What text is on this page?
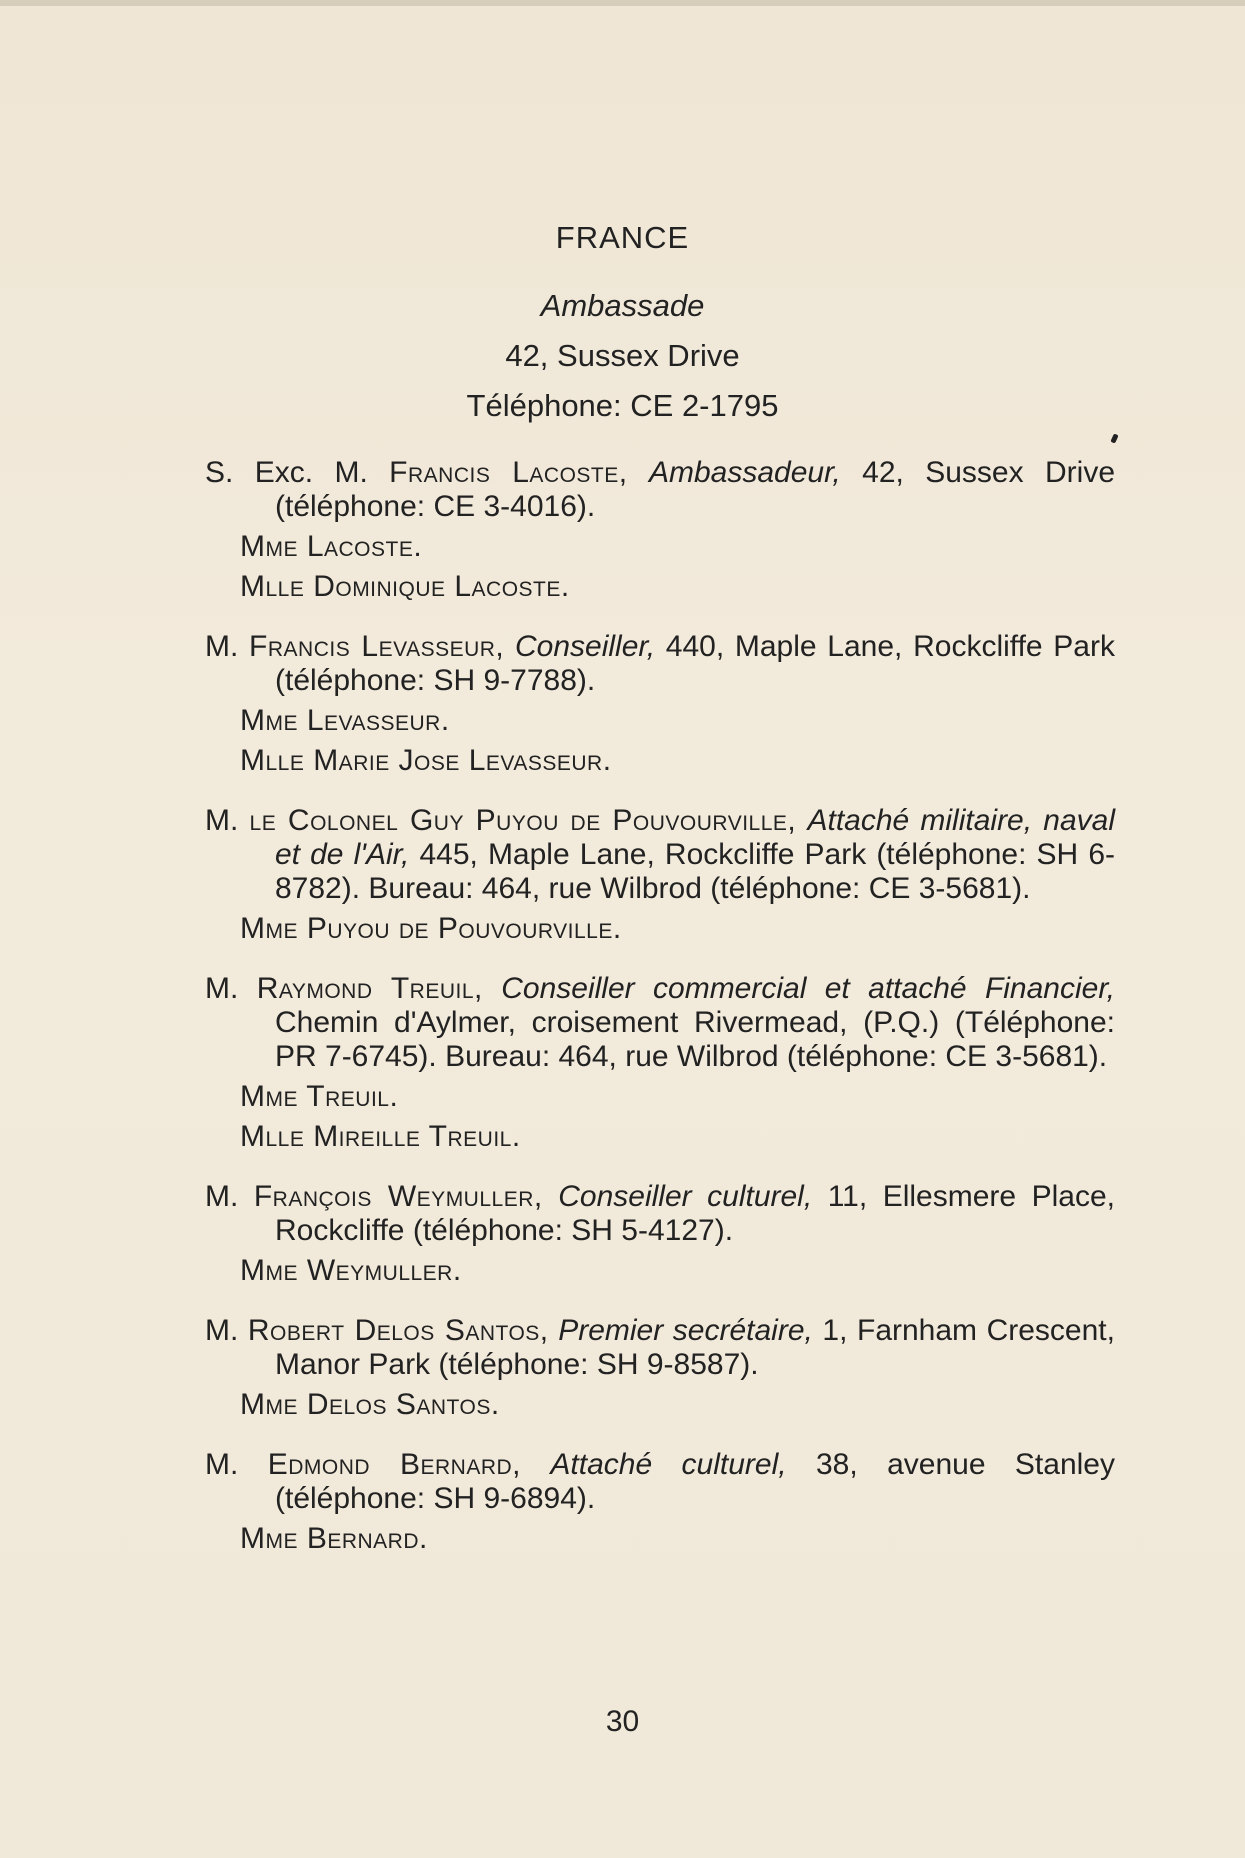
FRANCE
Ambassade
42, Sussex Drive
Téléphone: CE 2-1795

S. Exc. M. Francis Lacoste, Ambassadeur, 42, Sussex Drive (téléphone: CE 3-4016).

Mme Lacoste.

Mlle Dominique Lacoste.

M. Francis Levasseur, Conseiller, 440, Maple Lane, Rockcliffe Park (téléphone: SH 9-7788).

Mme Levasseur.

Mlle Marie Jose Levasseur.

M. le Colonel Guy Puyou de Pouvourville, Attaché militaire, naval et de l'Air, 445, Maple Lane, Rockcliffe Park (téléphone: SH 6-8782). Bureau: 464, rue Wilbrod (téléphone: CE 3-5681).

Mme Puyou de Pouvourville.

M. Raymond Treuil, Conseiller commercial et attaché Financier, Chemin d'Aylmer, croisement Rivermead, (P.Q.) (Téléphone: PR 7-6745). Bureau: 464, rue Wilbrod (téléphone: CE 3-5681).

Mme Treuil.

Mlle Mireille Treuil.

M. François Weymuller, Conseiller culturel, 11, Ellesmere Place, Rockcliffe (téléphone: SH 5-4127).

Mme Weymuller.

M. Robert Delos Santos, Premier secrétaire, 1, Farnham Crescent, Manor Park (téléphone: SH 9-8587).

Mme Delos Santos.

M. Edmond Bernard, Attaché culturel, 38, avenue Stanley (téléphone: SH 9-6894).

Mme Bernard.

30
